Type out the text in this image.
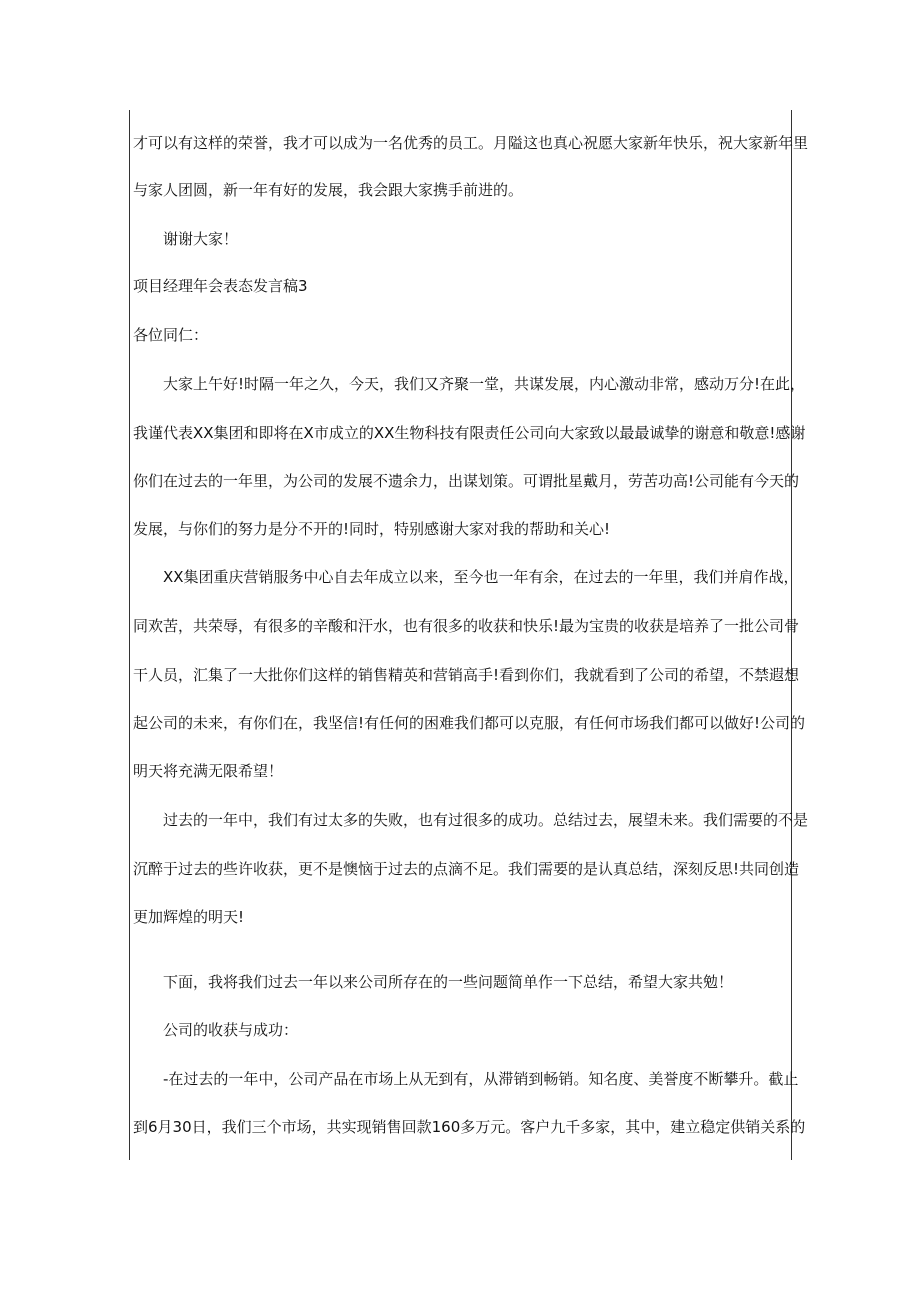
才可以有这样的荣誉，我才可以成为一名优秀的员工。月隘这也真心祝愿大家新年快乐，祝大家新年里
与家人团圆，新一年有好的发展，我会跟大家携手前进的。
谢谢大家！
项目经理年会表态发言稿3
各位同仁：
大家上午好!时隔一年之久，今天，我们又齐聚一堂，共谋发展，内心激动非常，感动万分!在此，
我谨代表XX集团和即将在X市成立的XX生物科技有限责任公司向大家致以最最诚挚的谢意和敬意!感谢
你们在过去的一年里，为公司的发展不遗余力，出谋划策。可谓批星戴月，劳苦功高!公司能有今天的
发展，与你们的努力是分不开的!同时，特别感谢大家对我的帮助和关心!
XX集团重庆营销服务中心自去年成立以来，至今也一年有余，在过去的一年里，我们并肩作战，
同欢苦，共荣辱，有很多的辛酸和汗水，也有很多的收获和快乐!最为宝贵的收获是培养了一批公司骨
干人员，汇集了一大批你们这样的销售精英和营销高手!看到你们，我就看到了公司的希望，不禁遐想
起公司的未来，有你们在，我坚信!有任何的困难我们都可以克服，有任何市场我们都可以做好!公司的
明天将充满无限希望！
过去的一年中，我们有过太多的失败，也有过很多的成功。总结过去，展望未来。我们需要的不是
沉醉于过去的些许收获，更不是懊恼于过去的点滴不足。我们需要的是认真总结，深刻反思!共同创造
更加辉煌的明天!
下面，我将我们过去一年以来公司所存在的一些问题简单作一下总结，希望大家共勉！
公司的收获与成功：
-在过去的一年中，公司产品在市场上从无到有，从滞销到畅销。知名度、美誉度不断攀升。截止
到6月30日，我们三个市场，共实现销售回款160多万元。客户九千多家，其中，建立稳定供销关系的
